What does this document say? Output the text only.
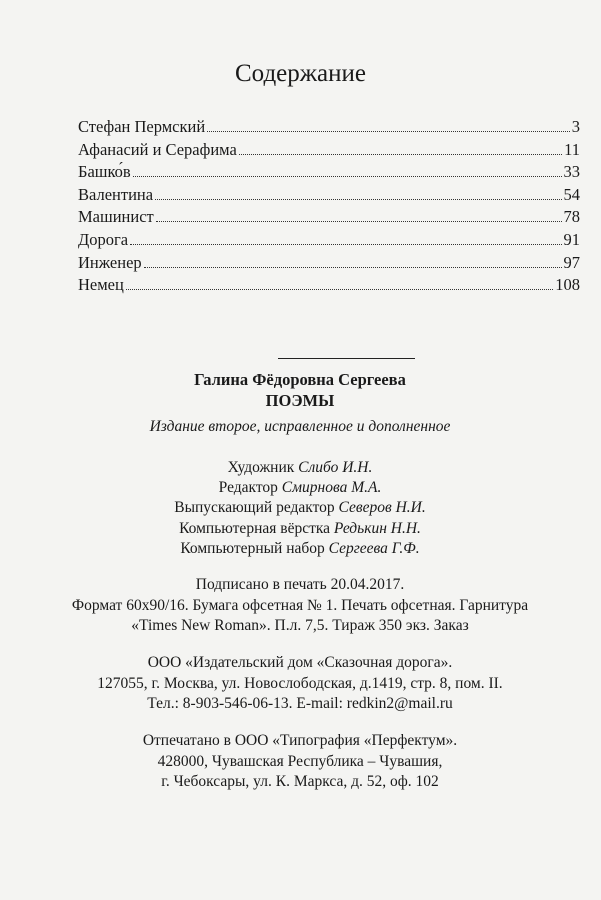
Содержание
Стефан Пермский	3
Афанасий и Серафима	11
Башко́в	33
Валентина	54
Машинист	78
Дорога	91
Инженер	97
Немец	108
Галина Фёдоровна Сергеева
ПОЭМЫ
Издание второе, исправленное и дополненное
Художник Слибо И.Н.
Редактор Смирнова М.А.
Выпускающий редактор Северов Н.И.
Компьютерная вёрстка Редькин Н.Н.
Компьютерный набор Сергеева Г.Ф.
Подписано в печать 20.04.2017.
Формат 60x90/16. Бумага офсетная № 1. Печать офсетная. Гарнитура
«Times New Roman». П.л. 7,5. Тираж 350 экз. Заказ
ООО «Издательский дом «Сказочная дорога».
127055, г. Москва, ул. Новослободская, д.1419, стр. 8, пом. II.
Тел.: 8-903-546-06-13. E-mail: redkin2@mail.ru
Отпечатано в ООО «Типография «Перфектум».
428000, Чувашская Республика – Чувашия,
г. Чебоксары, ул. К. Маркса, д. 52, оф. 102
